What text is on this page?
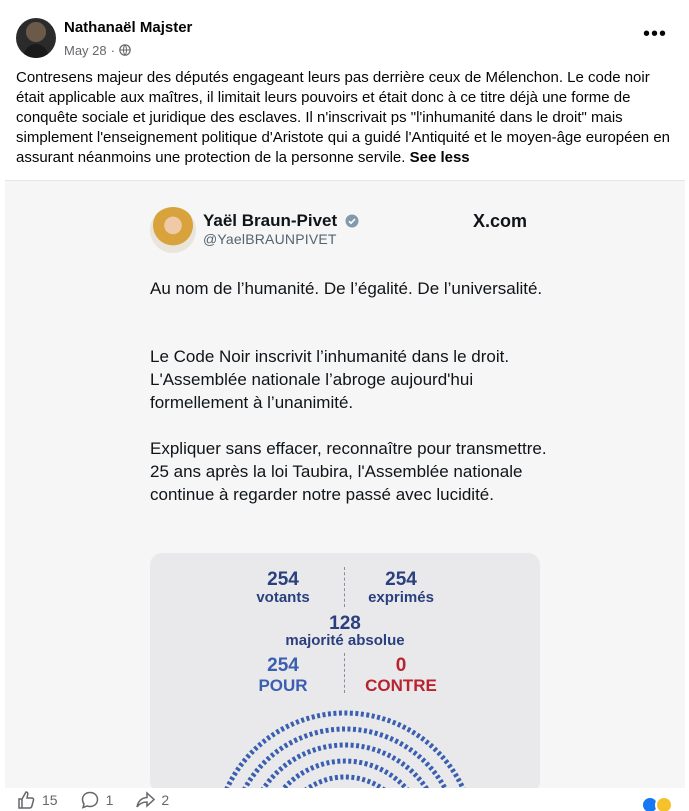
Nathanaël Majster
May 28 ·
•••
Contresens majeur des députés engageant leurs pas derrière ceux de Mélenchon. Le code noir était applicable aux maîtres, il limitait leurs pouvoirs et était donc à ce titre déjà une forme de conquête sociale et juridique des esclaves. Il n'inscrivait ps "l'inhumanité dans le droit" mais simplement l'enseignement politique d'Aristote qui a guidé l'Antiquité et le moyen-âge européen en assurant néanmoins une protection de la personne servile. See less
Yaël Braun-Pivet
@YaelBRAUNPIVET
X.com
Au nom de l’humanité. De l’égalité. De l’universalité.
Le Code Noir inscrivit l’inhumanité dans le droit. L'Assemblée nationale l’abroge aujourd'hui formellement à l’unanimité.
Expliquer sans effacer, reconnaître pour transmettre. 25 ans après la loi Taubira, l'Assemblée nationale continue à regarder notre passé avec lucidité.
254
votants
254
exprimés
128
majorité absolue
254
POUR
0
CONTRE
15	1	2
